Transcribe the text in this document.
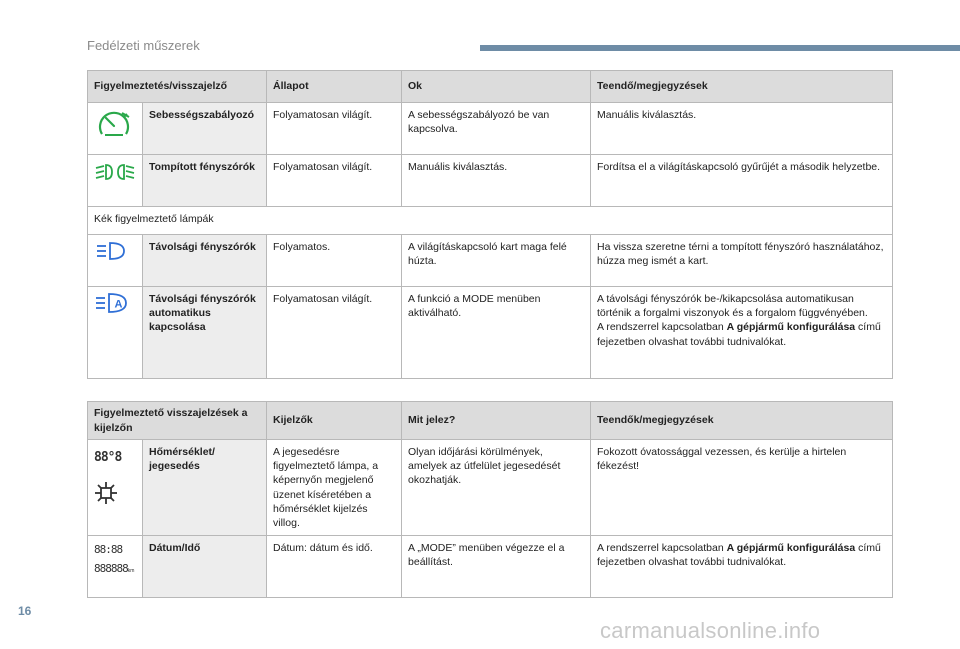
Fedélzeti műszerek
Figyelmeztetés/visszajelző		Állapot	Ok	Teendő/megjegyzések
	Sebességszabályozó	Folyamatosan világít.	A sebességszabályozó be van kapcsolva.	Manuális kiválasztás.
	Tompított fényszórók	Folyamatosan világít.	Manuális kiválasztás.	Fordítsa el a világításkapcsoló gyűrűjét a második helyzetbe.
Kék figyelmeztető lámpák				
	Távolsági fényszórók	Folyamatos.	A világításkapcsoló kart maga felé húzta.	Ha vissza szeretne térni a tompított fényszóró használatához, húzza meg ismét a kart.

A	Távolsági fényszórók automatikus kapcsolása	Folyamatosan világít.	A funkció a MODE menüben aktiválható.	A távolsági fényszórók be-/kikapcsolása automatikusan történik a forgalmi viszonyok és a forgalom függvényében.
A rendszerrel kapcsolatban A gépjármű konfigurálása című fejezetben olvashat további tudnivalókat.
Figyelmeztető visszajelzések a kijelzőn		Kijelzők	Mit jelez?	Teendők/megjegyzések

88°8	Hőmérséklet/ jegesedés	A jegesedésre figyelmeztető lámpa, a képernyőn megjelenő üzenet kíséretében a hőmérséklet kijelzés villog.	Olyan időjárási körülmények, amelyek az útfelület jegesedését okozhatják.	Fokozott óvatossággal vezessen, és kerülje a hirtelen fékezést!

88:88
888888km	Dátum/Idő	Dátum: dátum és idő.	A „MODE” menüben végezze el a beállítást.	A rendszerrel kapcsolatban A gépjármű konfigurálása című fejezetben olvashat további tudnivalókat.
16
carmanualsonline.info
